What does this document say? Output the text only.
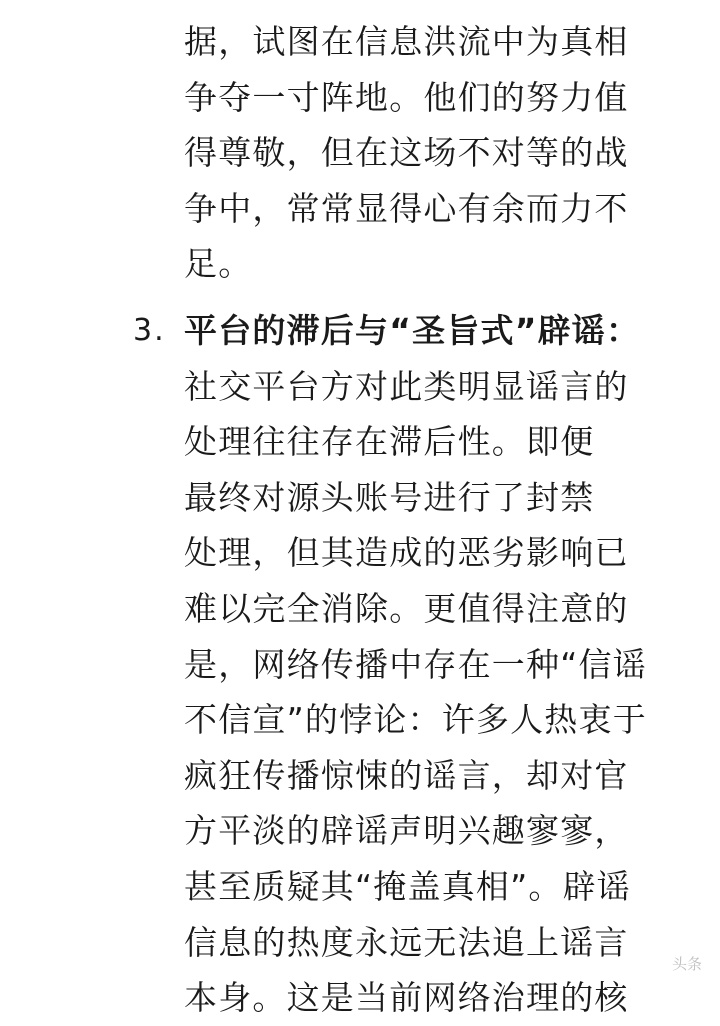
据，试图在信息洪流中为真相
争夺一寸阵地。他们的努力值
得尊敬，但在这场不对等的战
争中，常常显得心有余而力不
足。
3. 平台的滞后与“圣旨式”辟谣：
社交平台方对此类明显谣言的
处理往往存在滞后性。即便
最终对源头账号进行了封禁
处理，但其造成的恶劣影响已
难以完全消除。更值得注意的
是，网络传播中存在一种“信谣
不信宣”的悖论：许多人热衷于
疯狂传播惊悚的谣言，却对官
方平淡的辟谣声明兴趣寥寥，
甚至质疑其“掩盖真相”。辟谣
信息的热度永远无法追上谣言
本身。这是当前网络治理的核
头条
